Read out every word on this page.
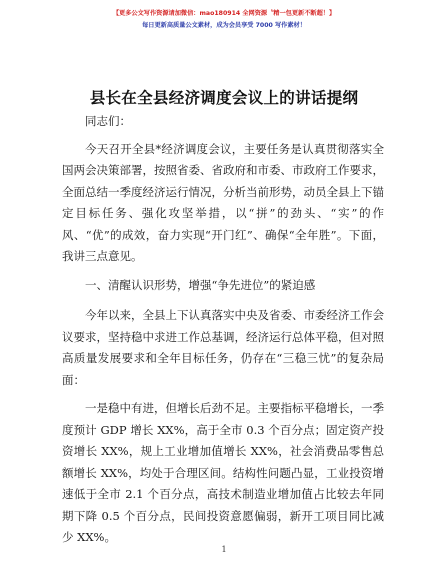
【更多公文写作资源请加微信：mao180914 全网资源〝精一包更新不断超！】
每日更新高质量公文素材，成为会员享受 7000 写作素材！
县长在全县经济调度会议上的讲话提纲

同志们：

今天召开全县*经济调度会议，主要任务是认真贯彻落实全国两会决策部署，按照省委、省政府和市委、市政府工作要求，全面总结一季度经济运行情况，分析当前形势，动员全县上下锚定目标任务、强化攻坚举措，以“拼”的劲头、“实”的作风、“优”的成效，奋力实现“开门红”、确保“全年胜”。下面，我讲三点意见。

一、清醒认识形势，增强“争先进位”的紧迫感

今年以来，全县上下认真落实中央及省委、市委经济工作会议要求，坚持稳中求进工作总基调，经济运行总体平稳，但对照高质量发展要求和全年目标任务，仍存在“三稳三忧”的复杂局面：

一是稳中有进，但增长后劲不足。主要指标平稳增长，一季度预计 GDP 增长 XX%，高于全市 0.3 个百分点；固定资产投资增长 XX%，规上工业增加值增长 XX%，社会消费品零售总额增长 XX%，均处于合理区间。结构性问题凸显，工业投资增速低于全市 2.1 个百分点，高技术制造业增加值占比较去年同期下降 0.5 个百分点，民间投资意愿偏弱，新开工项目同比减少 XX%。

1
